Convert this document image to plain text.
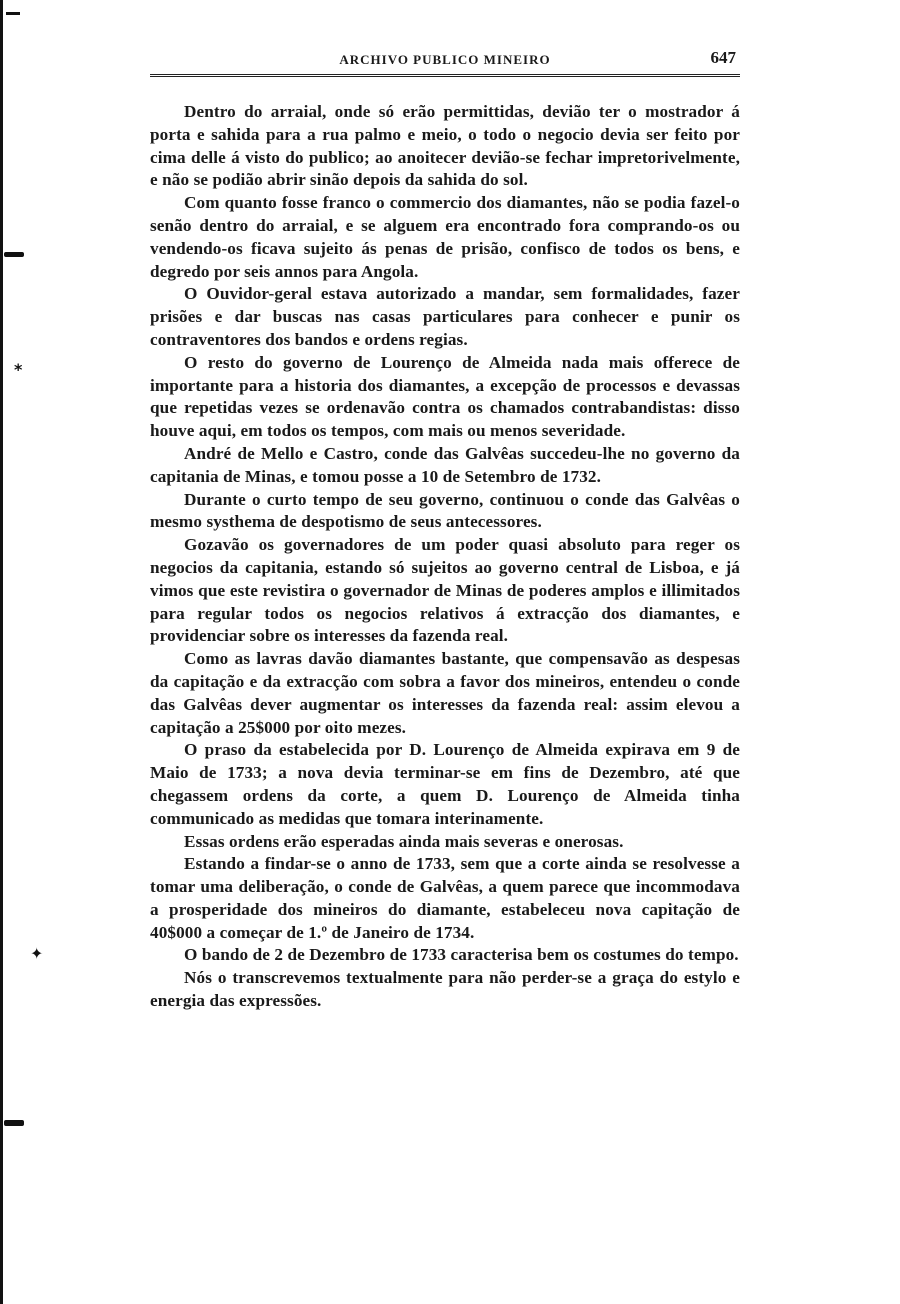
⁎
✦
ARCHIVO PUBLICO MINEIRO	647

Dentro do arraial, onde só erão permittidas, devião ter o mostrador á porta e sahida para a rua palmo e meio, o todo o negocio devia ser feito por cima delle á visto do publico; ao anoitecer devião-se fechar impretorivelmente, e não se podião abrir sinão depois da sahida do sol.

Com quanto fosse franco o commercio dos diamantes, não se podia fazel-o senão dentro do arraial, e se alguem era encontrado fora comprando-os ou vendendo-os ficava sujeito ás penas de prisão, confisco de todos os bens, e degredo por seis annos para Angola.

O Ouvidor-geral estava autorizado a mandar, sem formalidades, fazer prisões e dar buscas nas casas particulares para conhecer e punir os contraventores dos bandos e ordens regias.

O resto do governo de Lourenço de Almeida nada mais offerece de importante para a historia dos diamantes, a excepção de processos e devassas que repetidas vezes se ordenavão contra os chamados contrabandistas: disso houve aqui, em todos os tempos, com mais ou menos severidade.

André de Mello e Castro, conde das Galvêas succedeu-lhe no governo da capitania de Minas, e tomou posse a 10 de Setembro de 1732.

Durante o curto tempo de seu governo, continuou o conde das Galvêas o mesmo systhema de despotismo de seus antecessores.

Gozavão os governadores de um poder quasi absoluto para reger os negocios da capitania, estando só sujeitos ao governo central de Lisboa, e já vimos que este revistira o governador de Minas de poderes amplos e illimitados para regular todos os negocios relativos á extracção dos diamantes, e providenciar sobre os interesses da fazenda real.

Como as lavras davão diamantes bastante, que compensavão as despesas da capitação e da extracção com sobra a favor dos mineiros, entendeu o conde das Galvêas dever augmentar os interesses da fazenda real: assim elevou a capitação a 25$000 por oito mezes.

O praso da estabelecida por D. Lourenço de Almeida expirava em 9 de Maio de 1733; a nova devia terminar-se em fins de Dezembro, até que chegassem ordens da corte, a quem D. Lourenço de Almeida tinha communicado as medidas que tomara interinamente.

Essas ordens erão esperadas ainda mais severas e onerosas.

Estando a findar-se o anno de 1733, sem que a corte ainda se resolvesse a tomar uma deliberação, o conde de Galvêas, a quem parece que incommodava a prosperidade dos mineiros do diamante, estabeleceu nova capitação de 40$000 a começar de 1.º de Janeiro de 1734.

O bando de 2 de Dezembro de 1733 caracterisa bem os costumes do tempo.

Nós o transcrevemos textualmente para não perder-se a graça do estylo e energia das expressões.
